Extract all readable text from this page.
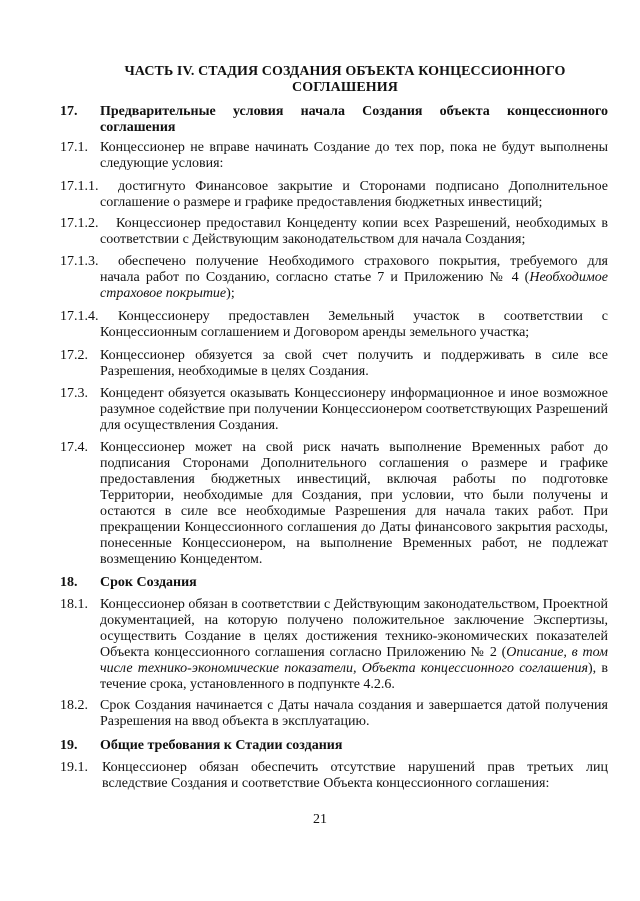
ЧАСТЬ IV. СТАДИЯ СОЗДАНИЯ ОБЪЕКТА КОНЦЕССИОННОГО
СОГЛАШЕНИЯ
17. Предварительные условия начала Создания объекта концессионного
соглашения
17.1. Концессионер не вправе начинать Создание до тех пор, пока не будут выполнены
следующие условия:
17.1.1. достигнуто Финансовое закрытие и Сторонами подписано Дополнительное
соглашение о размере и графике предоставления бюджетных инвестиций;
17.1.2. Концессионер предоставил Концеденту копии всех Разрешений, необходимых в
соответствии с Действующим законодательством для начала Создания;
17.1.3. обеспечено получение Необходимого страхового покрытия, требуемого для
начала работ по Созданию, согласно статье 7 и Приложению № 4 (Необходимое
страховое покрытие);
17.1.4. Концессионеру предоставлен Земельный участок в соответствии с
Концессионным соглашением и Договором аренды земельного участка;
17.2. Концессионер обязуется за свой счет получить и поддерживать в силе все
Разрешения, необходимые в целях Создания.
17.3. Концедент обязуется оказывать Концессионеру информационное и иное возможное
разумное содействие при получении Концессионером соответствующих Разрешений
для осуществления Создания.
17.4. Концессионер может на свой риск начать выполнение Временных работ до
подписания Сторонами Дополнительного соглашения о размере и графике
предоставления бюджетных инвестиций, включая работы по подготовке
Территории, необходимые для Создания, при условии, что были получены и
остаются в силе все необходимые Разрешения для начала таких работ. При
прекращении Концессионного соглашения до Даты финансового закрытия расходы,
понесенные Концессионером, на выполнение Временных работ, не подлежат
возмещению Концедентом.
18. Срок Создания
18.1. Концессионер обязан в соответствии с Действующим законодательством, Проектной
документацией, на которую получено положительное заключение Экспертизы,
осуществить Создание в целях достижения технико-экономических показателей
Объекта концессионного соглашения согласно Приложению № 2 (Описание, в том
числе технико-экономические показатели, Объекта концессионного соглашения), в
течение срока, установленного в подпункте 4.2.6.
18.2. Срок Создания начинается с Даты начала создания и завершается датой получения
Разрешения на ввод объекта в эксплуатацию.
19. Общие требования к Стадии создания
19.1. Концессионер обязан обеспечить отсутствие нарушений прав третьих лиц
вследствие Создания и соответствие Объекта концессионного соглашения:
21
